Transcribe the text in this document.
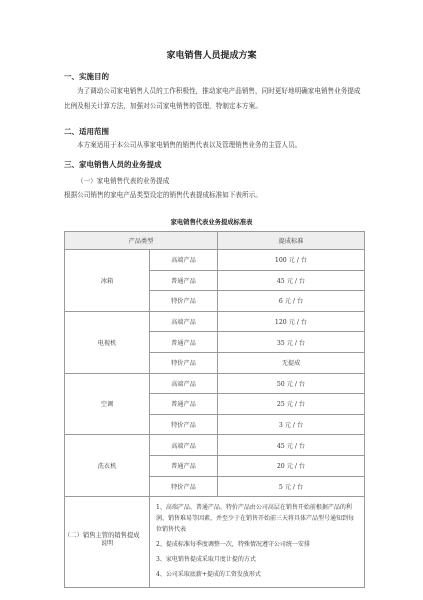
家电销售人员提成方案
一、实施目的
为了调动公司家电销售人员的工作积极性，推动家电产品销售，同时更好地明确家电销售业务提成比例及相关计算方法，加强对公司家电销售的管理，特制定本方案。
二、适用范围
本方案适用于本公司从事家电销售的销售代表以及管理销售业务的主管人员。
三、家电销售人员的业务提成
（一）家电销售代表的业务提成
根据公司销售的家电产品类型设定的销售代表提成标准如下表所示。
家电销售代表业务提成标准表
产品类型		提成标准
冰箱	高端产品	100 元 / 台
	普通产品	45 元 / 台
	特价产品	6 元 / 台
电视机	高端产品	120 元 / 台
	普通产品	35 元 / 台
	特价产品	无提成
空调	高端产品	50 元 / 台
	普通产品	25 元 / 台
	特价产品	3 元 / 台
洗衣机	高端产品	45 元 / 台
	普通产品	20 元 / 台
	特价产品	5 元 / 台
说明	1、高端产品、普通产品、特价产品由公司高层在销售开始前根据产品的利润、销售难易等因素，并至少于在销售开始前三天将具体产品型号通知到每位销售代表
2、提成标准每季度调整一次，特殊情况遵守公司统一安排
3、家电销售提成采取月度计提的方式
4、公司采取底薪+提成的工资发放形式	
（二）销售主管的销售提成
